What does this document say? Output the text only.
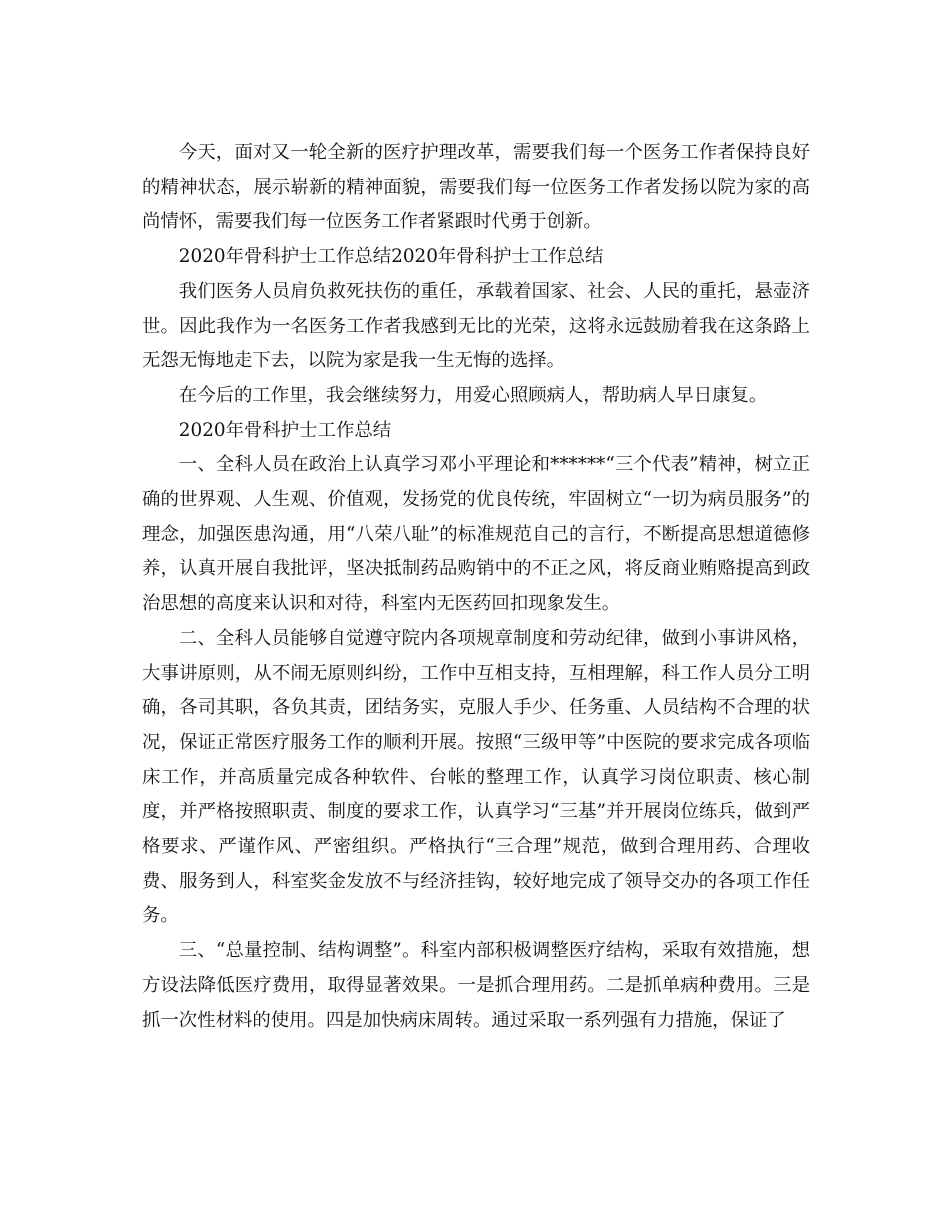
今天，面对又一轮全新的医疗护理改革，需要我们每一个医务工作者保持良好的精神状态，展示崭新的精神面貌，需要我们每一位医务工作者发扬以院为家的高尚情怀，需要我们每一位医务工作者紧跟时代勇于创新。

2020年骨科护士工作总结2020年骨科护士工作总结

我们医务人员肩负救死扶伤的重任，承载着国家、社会、人民的重托，悬壶济世。因此我作为一名医务工作者我感到无比的光荣，这将永远鼓励着我在这条路上无怨无悔地走下去，以院为家是我一生无悔的选择。

在今后的工作里，我会继续努力，用爱心照顾病人，帮助病人早日康复。

2020年骨科护士工作总结

一、全科人员在政治上认真学习邓小平理论和******“三个代表”精神，树立正确的世界观、人生观、价值观，发扬党的优良传统，牢固树立“一切为病员服务”的理念，加强医患沟通，用“八荣八耻”的标准规范自己的言行，不断提高思想道德修养，认真开展自我批评，坚决抵制药品购销中的不正之风，将反商业贿赂提高到政治思想的高度来认识和对待，科室内无医药回扣现象发生。

二、全科人员能够自觉遵守院内各项规章制度和劳动纪律，做到小事讲风格，大事讲原则，从不闹无原则纠纷，工作中互相支持，互相理解，科工作人员分工明确，各司其职，各负其责，团结务实，克服人手少、任务重、人员结构不合理的状况，保证正常医疗服务工作的顺利开展。按照“三级甲等”中医院的要求完成各项临床工作，并高质量完成各种软件、台帐的整理工作，认真学习岗位职责、核心制度，并严格按照职责、制度的要求工作，认真学习“三基”并开展岗位练兵，做到严格要求、严谨作风、严密组织。严格执行“三合理”规范，做到合理用药、合理收费、服务到人，科室奖金发放不与经济挂钩，较好地完成了领导交办的各项工作任务。

三、“总量控制、结构调整”。科室内部积极调整医疗结构，采取有效措施，想方设法降低医疗费用，取得显著效果。一是抓合理用药。二是抓单病种费用。三是抓一次性材料的使用。四是加快病床周转。通过采取一系列强有力措施，保证了
